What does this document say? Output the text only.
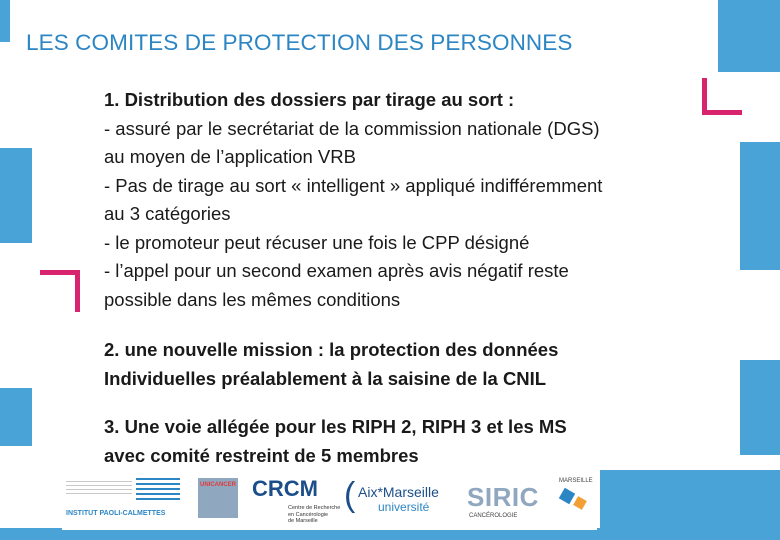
LES COMITES DE PROTECTION DES PERSONNES

1. Distribution des dossiers par tirage au sort :

- assuré par le secrétariat de la commission nationale (DGS)

au moyen de l’application VRB

- Pas de tirage au sort « intelligent » appliqué indifféremment

au 3 catégories

- le promoteur peut récuser une fois le CPP désigné

- l’appel pour un second examen après avis négatif reste

possible dans les mêmes conditions

2. une nouvelle mission : la protection des données

Individuelles préalablement à la saisine de la CNIL

3. Une voie allégée pour les RIPH 2, RIPH 3 et les MS

avec comité restreint de 5 membres

INSTITUT PAOLI-CALMETTES
UNICANCER CRCM
Centre de Recherche
en Cancérologie
de Marseille
( Aix*Marseille
université SIRIC
MARSEILLE
CANCÉROLOGIE
